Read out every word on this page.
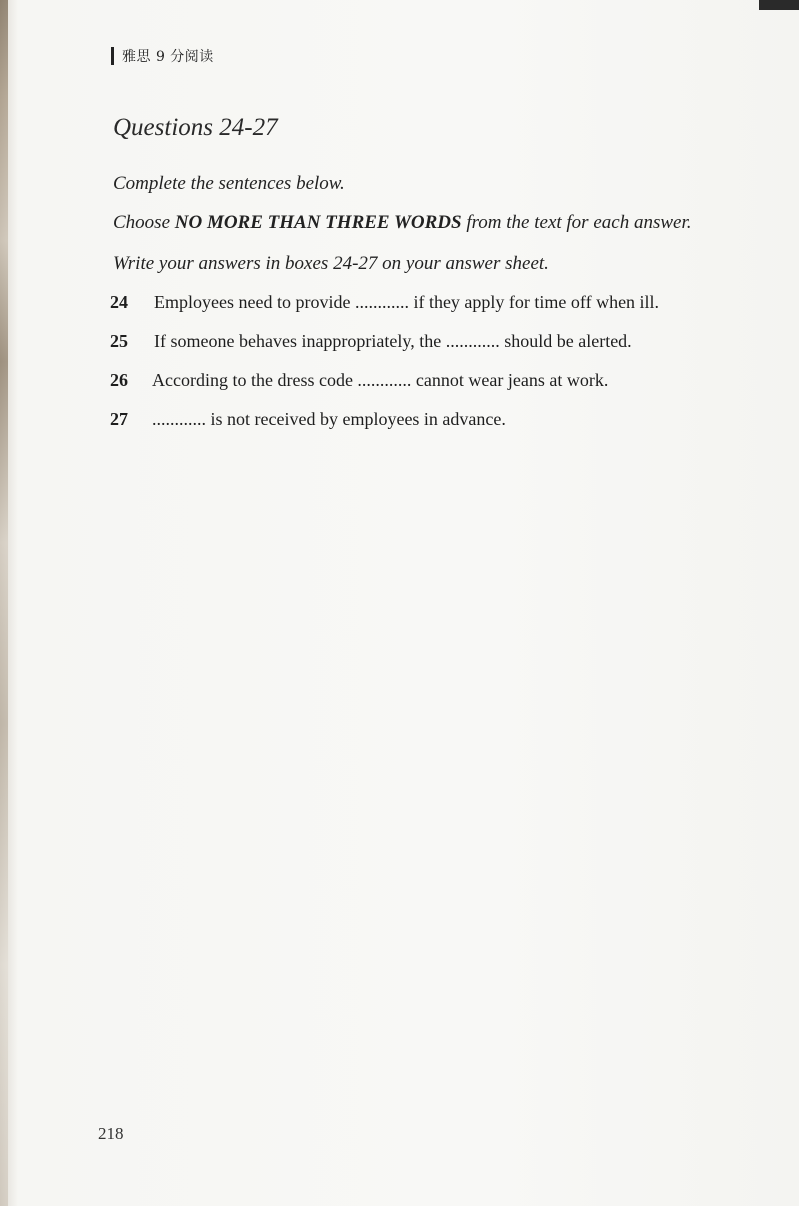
雅思 9 分阅读
Questions 24-27

Complete the sentences below.

Choose NO MORE THAN THREE WORDS from the text for each answer.

Write your answers in boxes 24-27 on your answer sheet.

24	Employees need to provide ............ if they apply for time off when ill.
25	If someone behaves inappropriately, the ............ should be alerted.
26	According to the dress code ............ cannot wear jeans at work.
27	............ is not received by employees in advance.
218
